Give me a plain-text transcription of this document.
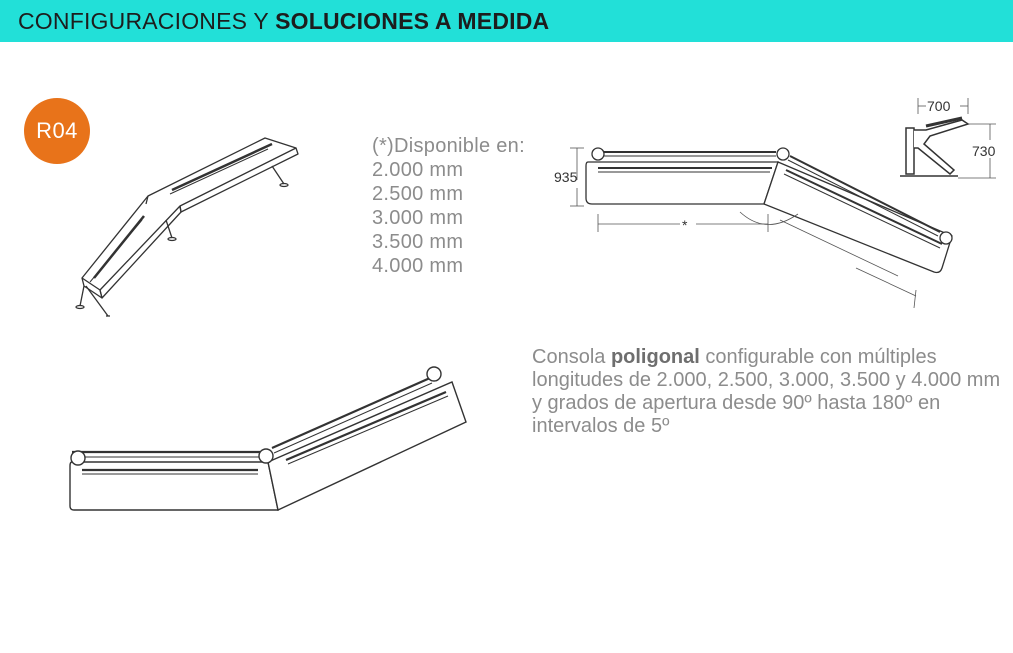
CONFIGURACIONES Y SOLUCIONES A MEDIDA
R04
(*)Disponible en:
2.000 mm
2.500 mm
3.000 mm
3.500 mm
4.000 mm
935
*
700
730
Consola poligonal configurable con múltiples longitudes de 2.000, 2.500, 3.000, 3.500 y 4.000 mm y grados de apertura desde 90º hasta 180º en intervalos de 5º
